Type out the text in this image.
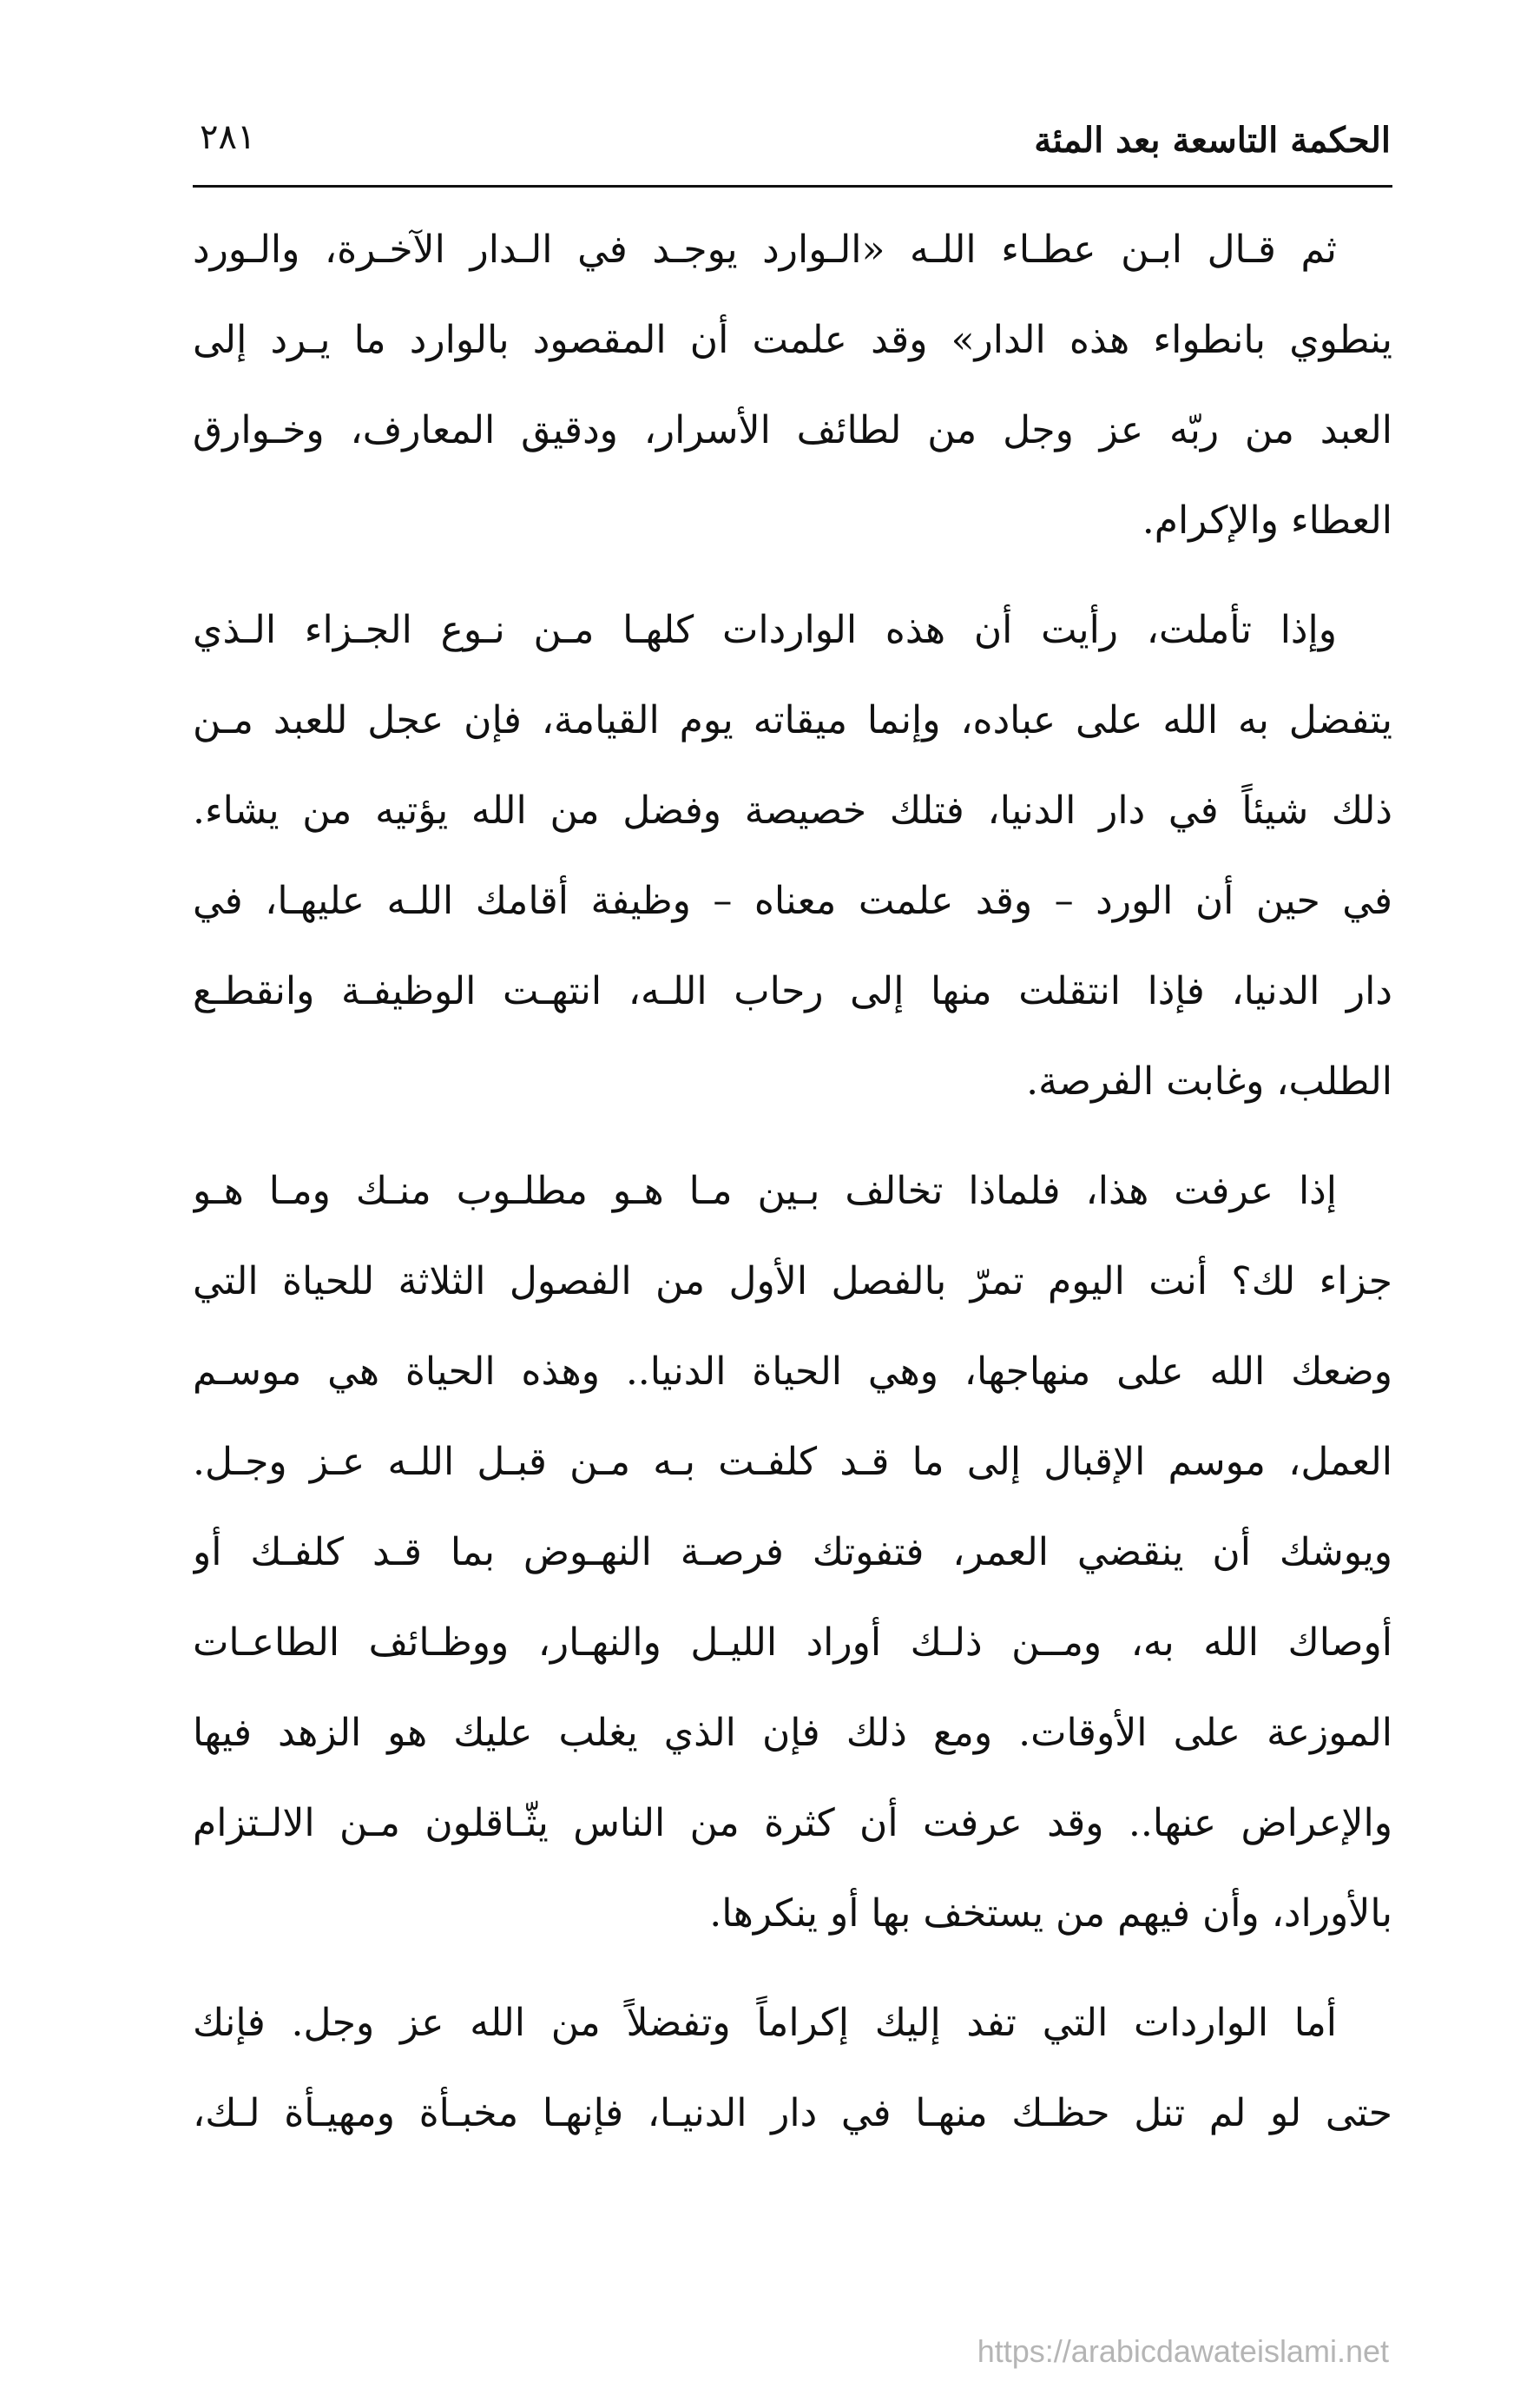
الحكمة التاسعة بعد المئة
٢٨١

ثم قـال ابـن عطـاء اللـه «الـوارد يوجـد في الـدار الآخـرة، والـورد
ينطوي بانطواء هذه الدار» وقد علمت أن المقصود بالوارد ما يـرد إلى
العبد من ربّه عز وجل من لطائف الأسرار، ودقيق المعارف، وخـوارق
العطاء والإكرام.

وإذا تأملت، رأيت أن هذه الواردات كلهـا مـن نـوع الجـزاء الـذي
يتفضل به الله على عباده، وإنما ميقاته يوم القيامة، فإن عجل للعبد مـن
ذلك شيئاً في دار الدنيا، فتلك خصيصة وفضل من الله يؤتيه من يشاء.
في حين أن الورد – وقد علمت معناه – وظيفة أقامك اللـه عليهـا، في
دار الدنيا، فإذا انتقلت منها إلى رحاب اللـه، انتهـت الوظيفـة وانقطـع
الطلب، وغابت الفرصة.

إذا عرفت هذا، فلماذا تخالف بـين مـا هـو مطلـوب منـك ومـا هـو
جزاء لك؟ أنت اليوم تمرّ بالفصل الأول من الفصول الثلاثة للحياة التي
وضعك الله على منهاجها، وهي الحياة الدنيا.. وهذه الحياة هي موسـم
العمل، موسم الإقبال إلى ما قـد كلفـت بـه مـن قبـل اللـه عـز وجـل.
ويوشك أن ينقضي العمر، فتفوتك فرصـة النهـوض بما قـد كلفـك أو
أوصاك الله به، ومــن ذلـك أوراد الليـل والنهـار، ووظـائف الطاعـات
الموزعة على الأوقات. ومع ذلك فإن الذي يغلب عليك هو الزهد فيها
والإعراض عنها.. وقد عرفت أن كثرة من الناس يثّـاقلون مـن الالـتزام
بالأوراد، وأن فيهم من يستخف بها أو ينكرها.

أما الواردات التي تفد إليك إكراماً وتفضلاً من الله عز وجل. فإنك
حتى لو لم تنل حظـك منهـا في دار الدنيـا، فإنهـا مخبـأة ومهيـأة لـك،

https://arabicdawateislami.net
